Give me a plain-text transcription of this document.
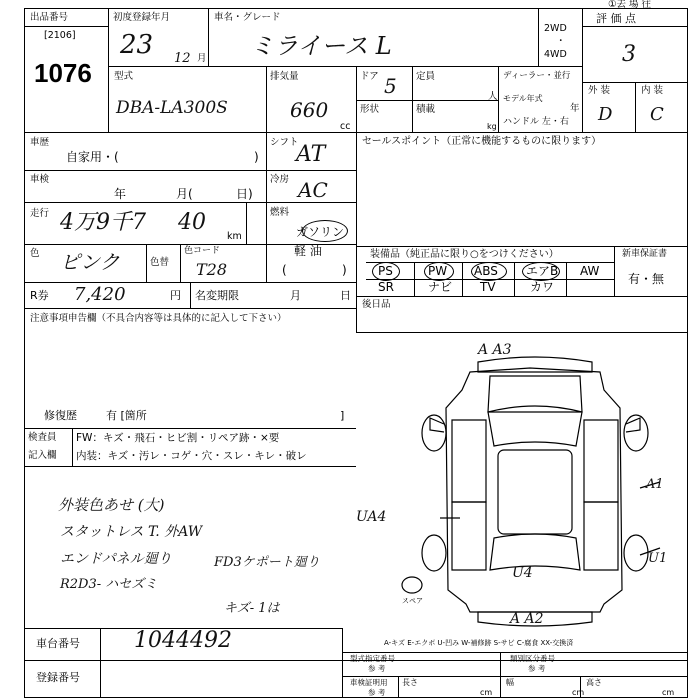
出品番号
[2106]
1076
初度登録年月
23 12 月
車名・グレード
ミライース L
2WD
・
4WD
①去 場 往
評 価 点
3
型式
DBA-LA300S
排気量
660
cc
ドア 5 定員
人
形状	積載
kg
ディーラー・並行
モデル年式
年
ハンドル 左・右
外 装	内 装
D C
車歴
自家用・(	)
シフト
AT
車検
年	月(	日)
冷房 AC
走行 4万9千7 40
km
燃料
ガソリン
軽 油
(	)
色 ピンク	色替
色コード
T28
R券 7,420	円 名変期限	月	日
セールスポイント（正常に機能するものに限ります）
装備品（純正品に限り○をつけください）	新車保証書
有・無
PS	PW ABS エアB AW
SR	ナビ TV	カワ
後日品
注意事項申告欄（不具合内容等は具体的に記入して下さい）
修復歴	有 [箇所	]
検査員
記入欄
FW：キズ・飛石・ヒビ割・リペア跡・×要
内装：キズ・汚レ・コゲ・穴・スレ・キレ・破レ
外装色あせ (大)
スタットレス T. 外AW
エンドパネル廻り	FD3ケポート廻り
R2D3- ハセズミ
キズ- 1は
A A3
A1
U1
UA4
U4
A A2
スペア
A-キズ E-エクボ U-凹み W-補修跡 S-サビ C-腐食 XX-交換済
車台番号 1044492
登録番号
型式指定番号
参 考
類別区分番号
参 考
車検証明用
参 考
長さ
cm
幅
cm
高さ
cm
